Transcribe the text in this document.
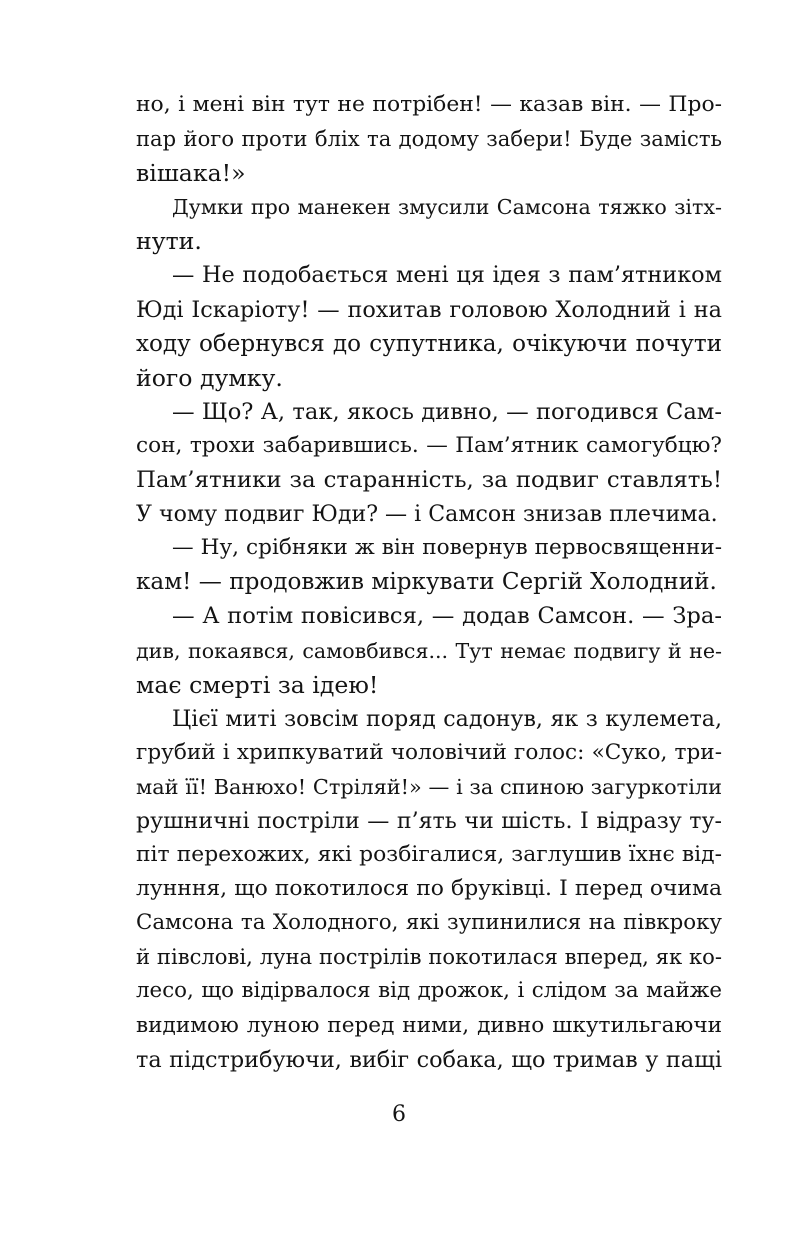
но, і мені він тут не потрібен! — казав він. — Про-
пар його проти бліх та додому забери! Буде замість
вішака!»
Думки про манекен змусили Самсона тяжко зітх-
нути.
— Не подобається мені ця ідея з пам’ятником
Юді Іскаріоту! — похитав головою Холодний і на
ходу обернувся до супутника, очікуючи почути
його думку.
— Що? А, так, якось дивно, — погодився Сам-
сон, трохи забарившись. — Пам’ятник самогубцю?
Пам’ятники за старанність, за подвиг ставлять!
У чому подвиг Юди? — і Самсон знизав плечима.
— Ну, срібняки ж він повернув первосвященни-
кам! — продовжив міркувати Сергій Холодний.
— А потім повісився, — додав Самсон. — Зра-
див, покаявся, самовбився... Тут немає подвигу й не-
має смерті за ідею!
Цієї миті зовсім поряд садонув, як з кулемета,
грубий і хрипкуватий чоловічий голос: «Суко, три-
май її! Ванюхо! Стріляй!» — і за спиною загуркотіли
рушничні постріли — п’ять чи шість. І відразу ту-
піт перехожих, які розбігалися, заглушив їхнє від-
лунння, що покотилося по бруківці. І перед очима
Самсона та Холодного, які зупинилися на півкроку
й півслові, луна пострілів покотилася вперед, як ко-
лесо, що відірвалося від дрожок, і слідом за майже
видимою луною перед ними, дивно шкутильгаючи
та підстрибуючи, вибіг собака, що тримав у пащі
6
